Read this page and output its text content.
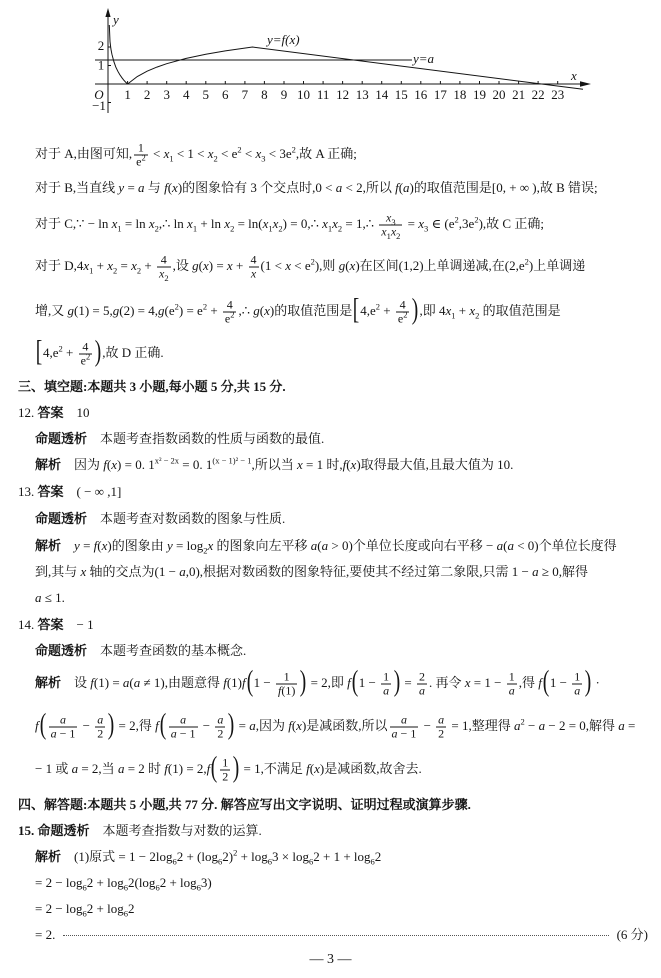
y
x
O
2
1
−1
1 2 3 4 5 6 7 8 9 10 11 12 13 14 15 16 17 18 19 20 21 22 23
y=f(x)
y=a
对于 A,由图可知, $\frac{1}{e^2} < x_1 < 1 < x_2 < e^2 < x_3 < 3e^2$,故 A 正确;
对于 B,当直线 y = a 与 f(x)的图象恰有 3 个交点时,0 < a < 2,所以 f(a)的取值范围是[0, + ∞ ),故 B 错误;
对于 C,∵ − $\ln x_1 = \ln$ $x_2,\therefore$ $\ln x_1 + \ln x_2 = \ln(x_1x_2)$ = 0,∴ $x_1x_2$ = 1,∴ $\frac{x_3}{x_1x_2} = x_3$ ∈ $(e^2,3e^2)$,故 C 正确;
对于 $D,4x_1 + x_2 = x_2 + \frac{4}{x_2}$ ,设 $g(x) = x + \frac{4}{x} (1 < x < e^2)$,则 g(x)在区间(1,2)上单调递减,在$(2,e^2)$上单调递
增,又 $g(1) = 5,g(2) = 4,g(e^2) = e^2 + \frac{4}{e^2}$ ,∴ g(x)的取值范围是[$4,e^2 + \frac{4}{e^2}$ ),即 $4x_1 + x_2$ 的取值范围是
[$4,e^2 + \frac{4}{e^2}$ ),故 D 正确.
三、填空题:本题共 3 小题,每小题 5 分,共 15 分.
12. 答案　10
命题透析　本题考查指数函数的性质与函数的最值.
解析　因为 f(x) = 0. $1^{x^2 - 2x} = 0$. $1^{(x - 1)^2 - 1}$,所以当 x = 1 时,f(x)取得最大值,且最大值为 10.
13. 答案　( − ∞ ,1]
命题透析　本题考查对数函数的图象与性质.
解析　 y = f(x)的图象由 $y = \log_2x$ 的图象向左平移 a(a > 0)个单位长度或向右平移 − a(a < 0)个单位长度得
到,其与 x 轴的交点为(1 − a,0),根据对数函数的图象特征,要使其不经过第二象限,只需 1 − a ≥ 0,解得
a ≤ 1.
14. 答案　− 1
命题透析　本题考查函数的基本概念.
解析　设 f(1) = a(a ≠ 1),由题意得 $f(1)f(1 - \frac{1}{f(1)}$ ) = 2,即 $f(1 - \frac{1}{a}$ ) = $\frac{2}{a}$ . 再令 $x = 1 - \frac{1}{a}$ ,得 $f(1 - \frac{1}{a}$ ) ·
$f( \frac{a}{a - 1} - \frac{a}{2}$ ) = 2,得 $f( \frac{a}{a - 1} - \frac{a}{2}$ ) = a,因为 f(x)是减函数,所以 $\frac{a}{a - 1} - \frac{a}{2} = 1$,整理得 $a^2 - a - 2 = 0$,解得 a =
− 1 或 a = 2,当 a = 2 时 $f(1) = 2,f( \frac{1}{2}$ ) = 1,不满足 f(x)是减函数,故舍去.
四、解答题:本题共 5 小题,共 77 分. 解答应写出文字说明、证明过程或演算步骤.
15. 命题透析　本题考查指数与对数的运算.
解析　(1)原式 = $1 - 2\log_62 + (\log_62)^2 + \log_63 \times \log_62 + 1 + \log_62$
= $2 - \log_62 + \log_62(\log_62 + \log_63)$
= $2 - \log_62 + \log_62$
= 2.	(6 分)
— 3 —
